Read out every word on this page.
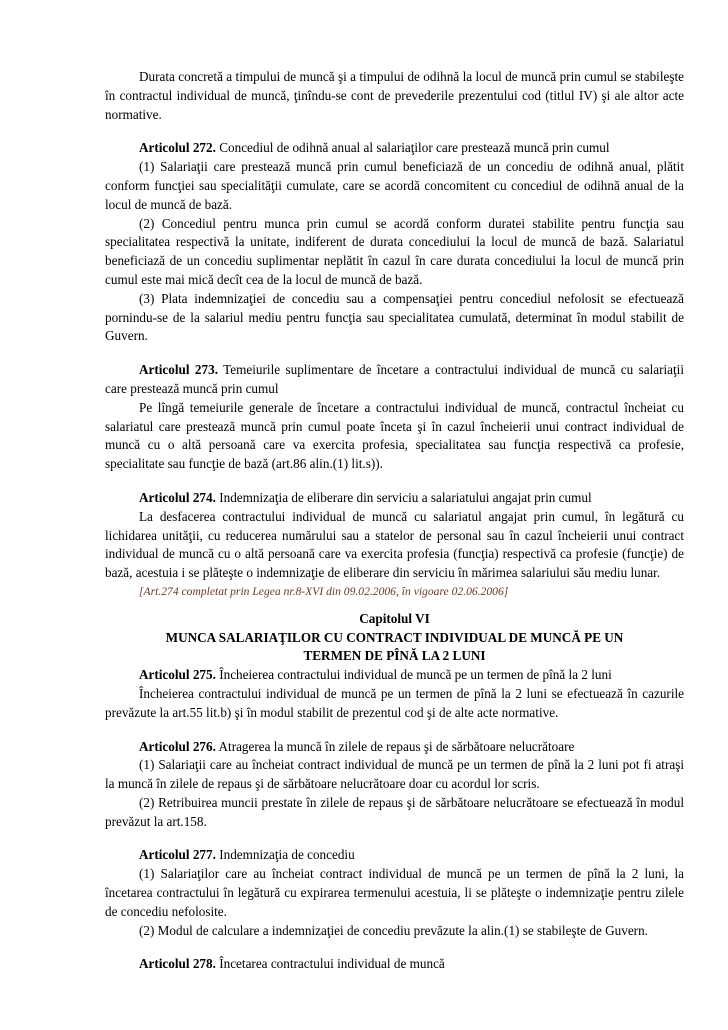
Durata concretă a timpului de muncă şi a timpului de odihnă la locul de muncă prin cumul se stabileşte în contractul individual de muncă, ţinîndu-se cont de prevederile prezentului cod (titlul IV) şi ale altor acte normative.

Articolul 272. Concediul de odihnă anual al salariaţilor care prestează muncă prin cumul

(1) Salariaţii care prestează muncă prin cumul beneficiază de un concediu de odihnă anual, plătit conform funcţiei sau specialităţii cumulate, care se acordă concomitent cu concediul de odihnă anual de la locul de muncă de bază.

(2) Concediul pentru munca prin cumul se acordă conform duratei stabilite pentru funcţia sau specialitatea respectivă la unitate, indiferent de durata concediului la locul de muncă de bază. Salariatul beneficiază de un concediu suplimentar neplătit în cazul în care durata concediului la locul de muncă prin cumul este mai mică decît cea de la locul de muncă de bază.

(3) Plata indemnizaţiei de concediu sau a compensaţiei pentru concediul nefolosit se efectuează pornindu-se de la salariul mediu pentru funcţia sau specialitatea cumulată, determinat în modul stabilit de Guvern.

Articolul 273. Temeiurile suplimentare de încetare a contractului individual de muncă cu salariaţii care prestează muncă prin cumul

Pe lîngă temeiurile generale de încetare a contractului individual de muncă, contractul încheiat cu salariatul care prestează muncă prin cumul poate înceta şi în cazul încheierii unui contract individual de muncă cu o altă persoană care va exercita profesia, specialitatea sau funcţia respectivă ca profesie, specialitate sau funcţie de bază (art.86 alin.(1) lit.s)).

Articolul 274. Indemnizaţia de eliberare din serviciu a salariatului angajat prin cumul

La desfacerea contractului individual de muncă cu salariatul angajat prin cumul, în legătură cu lichidarea unităţii, cu reducerea numărului sau a statelor de personal sau în cazul încheierii unui contract individual de muncă cu o altă persoană care va exercita profesia (funcţia) respectivă ca profesie (funcţie) de bază, acestuia i se plăteşte o indemnizaţie de eliberare din serviciu în mărimea salariului său mediu lunar.

[Art.274 completat prin Legea nr.8-XVI din 09.02.2006, în vigoare 02.06.2006]

Capitolul VI

MUNCA SALARIAŢILOR CU CONTRACT INDIVIDUAL DE MUNCĂ PE UN TERMEN DE PÎNĂ LA 2 LUNI

Articolul 275. Încheierea contractului individual de muncă pe un termen de pînă la 2 luni

Încheierea contractului individual de muncă pe un termen de pînă la 2 luni se efectuează în cazurile prevăzute la art.55 lit.b) şi în modul stabilit de prezentul cod şi de alte acte normative.

Articolul 276. Atragerea la muncă în zilele de repaus şi de sărbătoare nelucrătoare

(1) Salariaţii care au încheiat contract individual de muncă pe un termen de pînă la 2 luni pot fi atraşi la muncă în zilele de repaus şi de sărbătoare nelucrătoare doar cu acordul lor scris.

(2) Retribuirea muncii prestate în zilele de repaus şi de sărbătoare nelucrătoare se efectuează în modul prevăzut la art.158.

Articolul 277. Indemnizaţia de concediu

(1) Salariaţilor care au încheiat contract individual de muncă pe un termen de pînă la 2 luni, la încetarea contractului în legătură cu expirarea termenului acestuia, li se plăteşte o indemnizaţie pentru zilele de concediu nefolosite.

(2) Modul de calculare a indemnizaţiei de concediu prevăzute la alin.(1) se stabileşte de Guvern.

Articolul 278. Încetarea contractului individual de muncă
